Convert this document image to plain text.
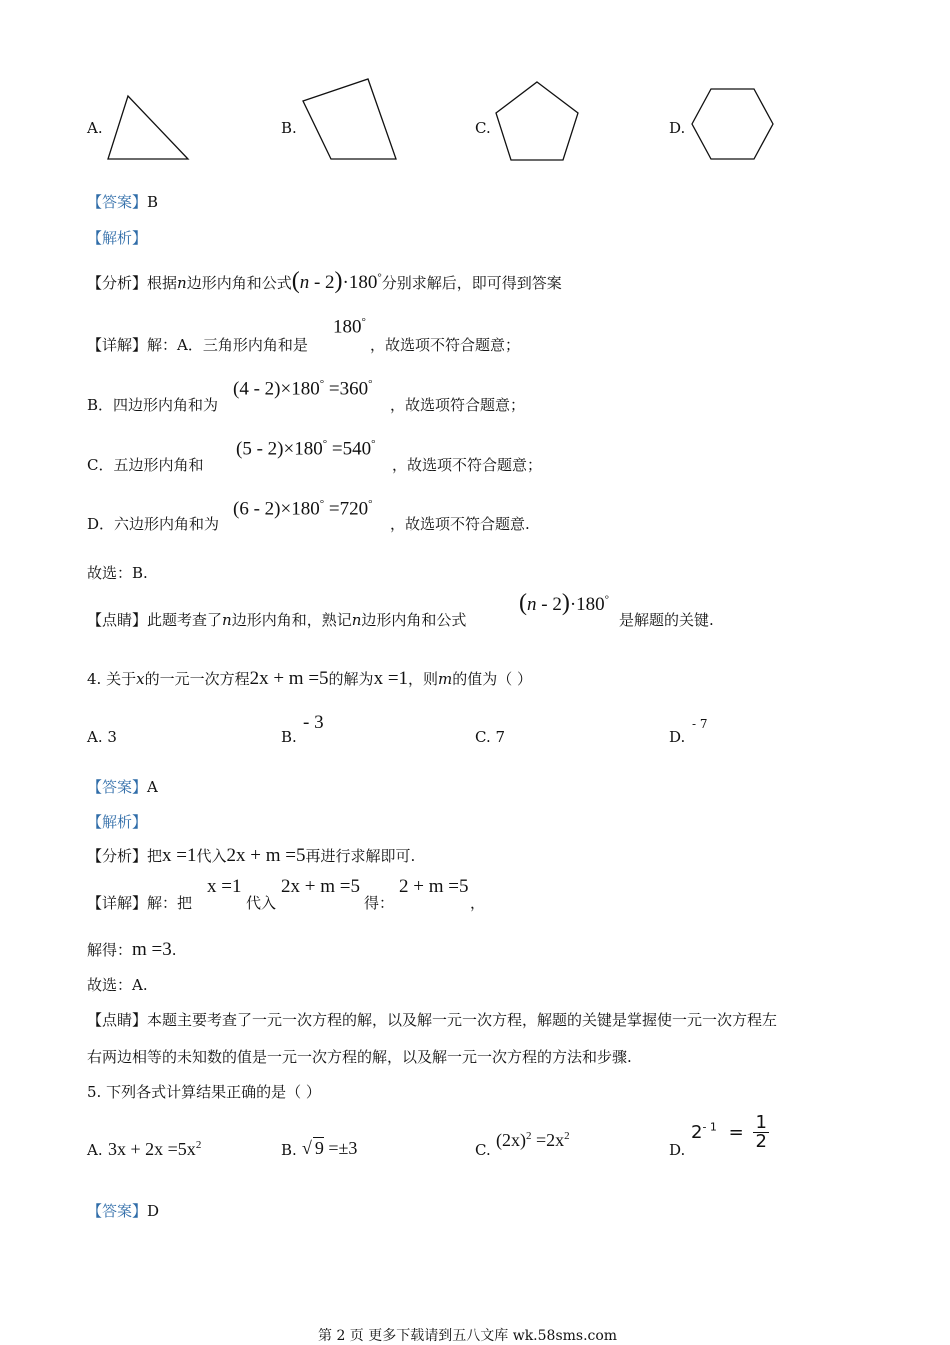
A.	B.	C.	D.
【答案】B
【解析】
【分析】根据n边形内角和公式(n - 2)·180°分别求解后，即可得到答案
【详解】解：A．三角形内角和是
180°
，故选项不符合题意；
B．四边形内角和为
(4 - 2)×180° =360°
，故选项符合题意；
C．五边形内角和
(5 - 2)×180° =540°
，故选项不符合题意；
D．六边形内角和为
(6 - 2)×180° =720°
，故选项不符合题意.
故选：B.
【点睛】此题考查了n边形内角和，熟记n边形内角和公式
(n - 2)·180°
是解题的关键.
4. 关于x的一元一次方程2x + m =5的解为x =1，则m的值为（ ）
A. 3	B.
- 3
C. 7	D.
- 7
【答案】A
【解析】
【分析】把x =1代入2x + m =5再进行求解即可.
【详解】解：把
x =1
代入
2x + m =5
得：
2 + m =5
，
解得：m =3.
故选：A.
【点睛】本题主要考查了一元一次方程的解，以及解一元一次方程，解题的关键是掌握使一元一次方程左
右两边相等的未知数的值是一元一次方程的解，以及解一元一次方程的方法和步骤.
5. 下列各式计算结果正确的是（ ）
A. $3x + 2x =5x^2$	B. √ 9 =±3	C. $(2x)^2 =2x^2$
D.
$2^{- 1} = \frac{1}{2}$
【答案】D
第 2 页 更多下载请到五八文库 wk.58sms.com
